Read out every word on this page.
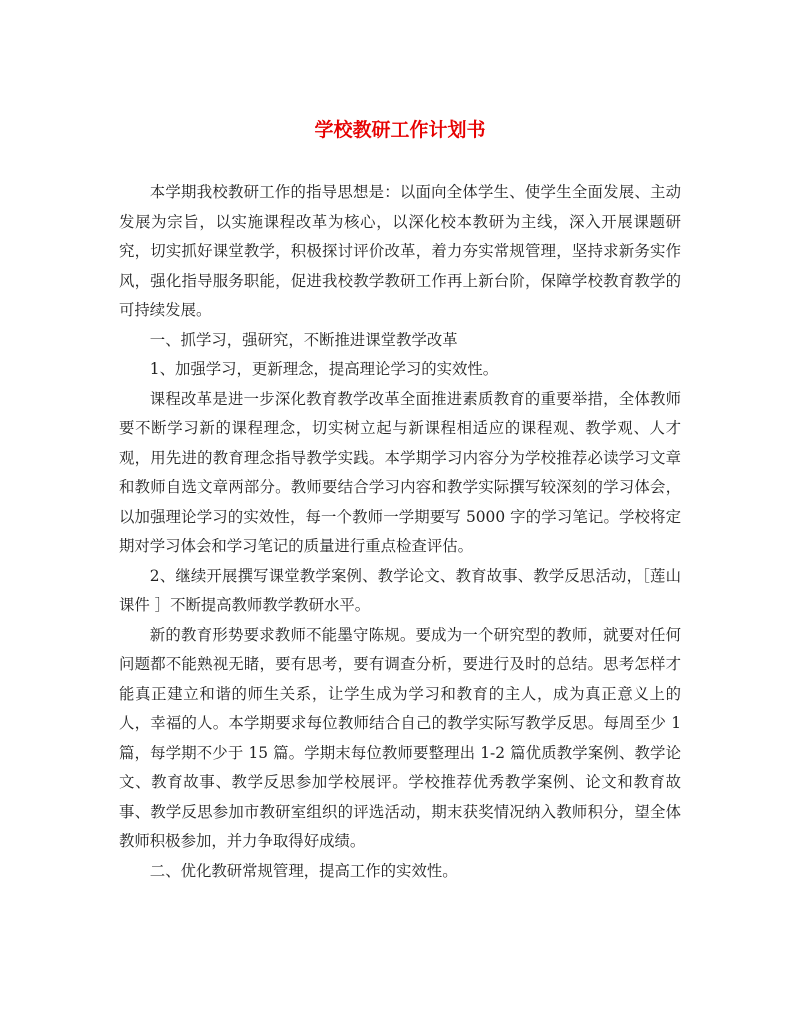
学校教研工作计划书

本学期我校教研工作的指导思想是：以面向全体学生、使学生全面发展、主动发展为宗旨，以实施课程改革为核心，以深化校本教研为主线，深入开展课题研究，切实抓好课堂教学，积极探讨评价改革，着力夯实常规管理，坚持求新务实作风，强化指导服务职能，促进我校教学教研工作再上新台阶，保障学校教育教学的可持续发展。

一、抓学习，强研究，不断推进课堂教学改革

1、加强学习，更新理念，提高理论学习的实效性。

课程改革是进一步深化教育教学改革全面推进素质教育的重要举措，全体教师要不断学习新的课程理念，切实树立起与新课程相适应的课程观、教学观、人才观，用先进的教育理念指导教学实践。本学期学习内容分为学校推荐必读学习文章和教师自选文章两部分。教师要结合学习内容和教学实际撰写较深刻的学习体会，以加强理论学习的实效性，每一个教师一学期要写 5000 字的学习笔记。学校将定期对学习体会和学习笔记的质量进行重点检查评估。

2、继续开展撰写课堂教学案例、教学论文、教育故事、教学反思活动，［莲山课件 ］不断提高教师教学教研水平。

新的教育形势要求教师不能墨守陈规。要成为一个研究型的教师，就要对任何问题都不能熟视无睹，要有思考，要有调查分析，要进行及时的总结。思考怎样才能真正建立和谐的师生关系，让学生成为学习和教育的主人，成为真正意义上的人，幸福的人。本学期要求每位教师结合自己的教学实际写教学反思。每周至少 1 篇，每学期不少于 15 篇。学期末每位教师要整理出 1-2 篇优质教学案例、教学论文、教育故事、教学反思参加学校展评。学校推荐优秀教学案例、论文和教育故事、教学反思参加市教研室组织的评选活动，期末获奖情况纳入教师积分，望全体教师积极参加，并力争取得好成绩。

二、优化教研常规管理，提高工作的实效性。
